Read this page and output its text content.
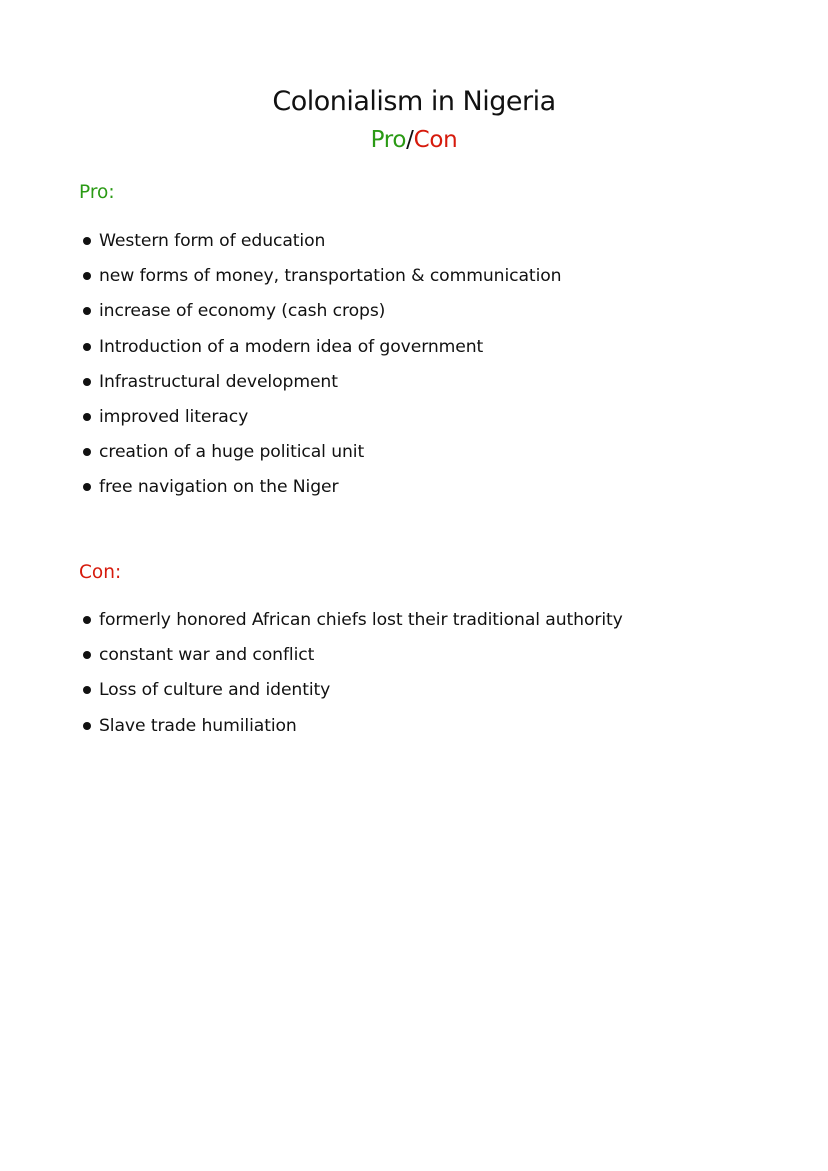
Colonialism in Nigeria
Pro/Con
Pro:
Western form of education
new forms of money, transportation & communication
increase of economy (cash crops)
Introduction of a modern idea of government
Infrastructural development
improved literacy
creation of a huge political unit
free navigation on the Niger
Con:
formerly honored African chiefs lost their traditional authority
constant war and conflict
Loss of culture and identity
Slave trade humiliation
